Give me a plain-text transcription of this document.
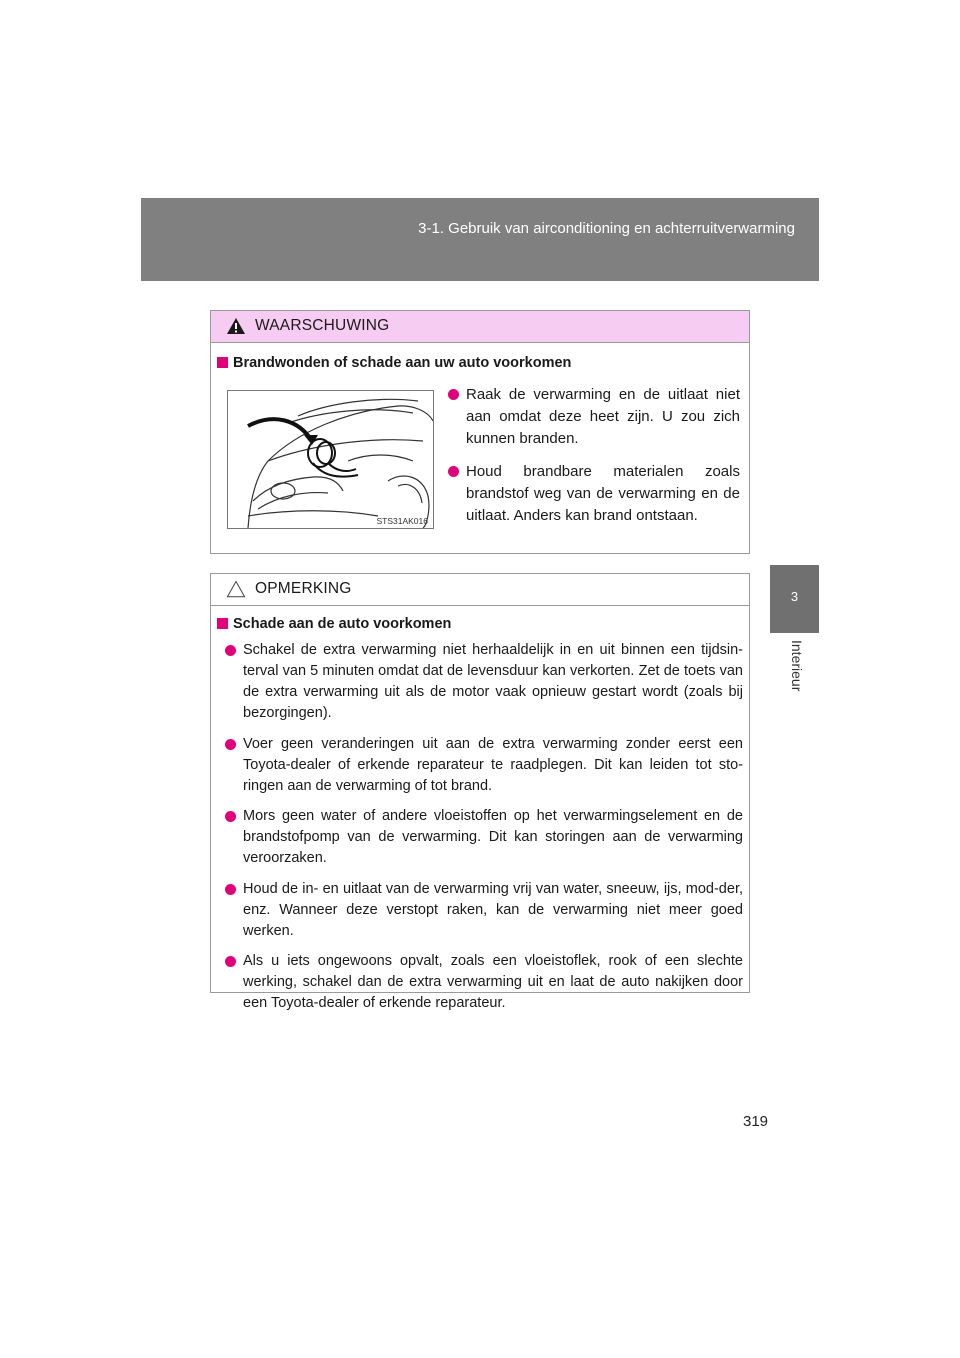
3-1. Gebruik van airconditioning en achterruitverwarming
3
Interieur
WAARSCHUWING
Brandwonden of schade aan uw auto voorkomen
STS31AK016
Raak de verwarming en de uitlaat niet aan omdat deze heet zijn. U zou zich kunnen branden.
Houd brandbare materialen zoals brandstof weg van de verwarming en de uitlaat. Anders kan brand ontstaan.
OPMERKING
Schade aan de auto voorkomen
Schakel de extra verwarming niet herhaaldelijk in en uit binnen een tijdsin-terval van 5 minuten omdat dat de levensduur kan verkorten. Zet de toets van de extra verwarming uit als de motor vaak opnieuw gestart wordt (zoals bij bezorgingen).
Voer geen veranderingen uit aan de extra verwarming zonder eerst een Toyota-dealer of erkende reparateur te raadplegen. Dit kan leiden tot sto-ringen aan de verwarming of tot brand.
Mors geen water of andere vloeistoffen op het verwarmingselement en de brandstofpomp van de verwarming. Dit kan storingen aan de verwarming veroorzaken.
Houd de in- en uitlaat van de verwarming vrij van water, sneeuw, ijs, mod-der, enz. Wanneer deze verstopt raken, kan de verwarming niet meer goed werken.
Als u iets ongewoons opvalt, zoals een vloeistoflek, rook of een slechte werking, schakel dan de extra verwarming uit en laat de auto nakijken door een Toyota-dealer of erkende reparateur.
319
